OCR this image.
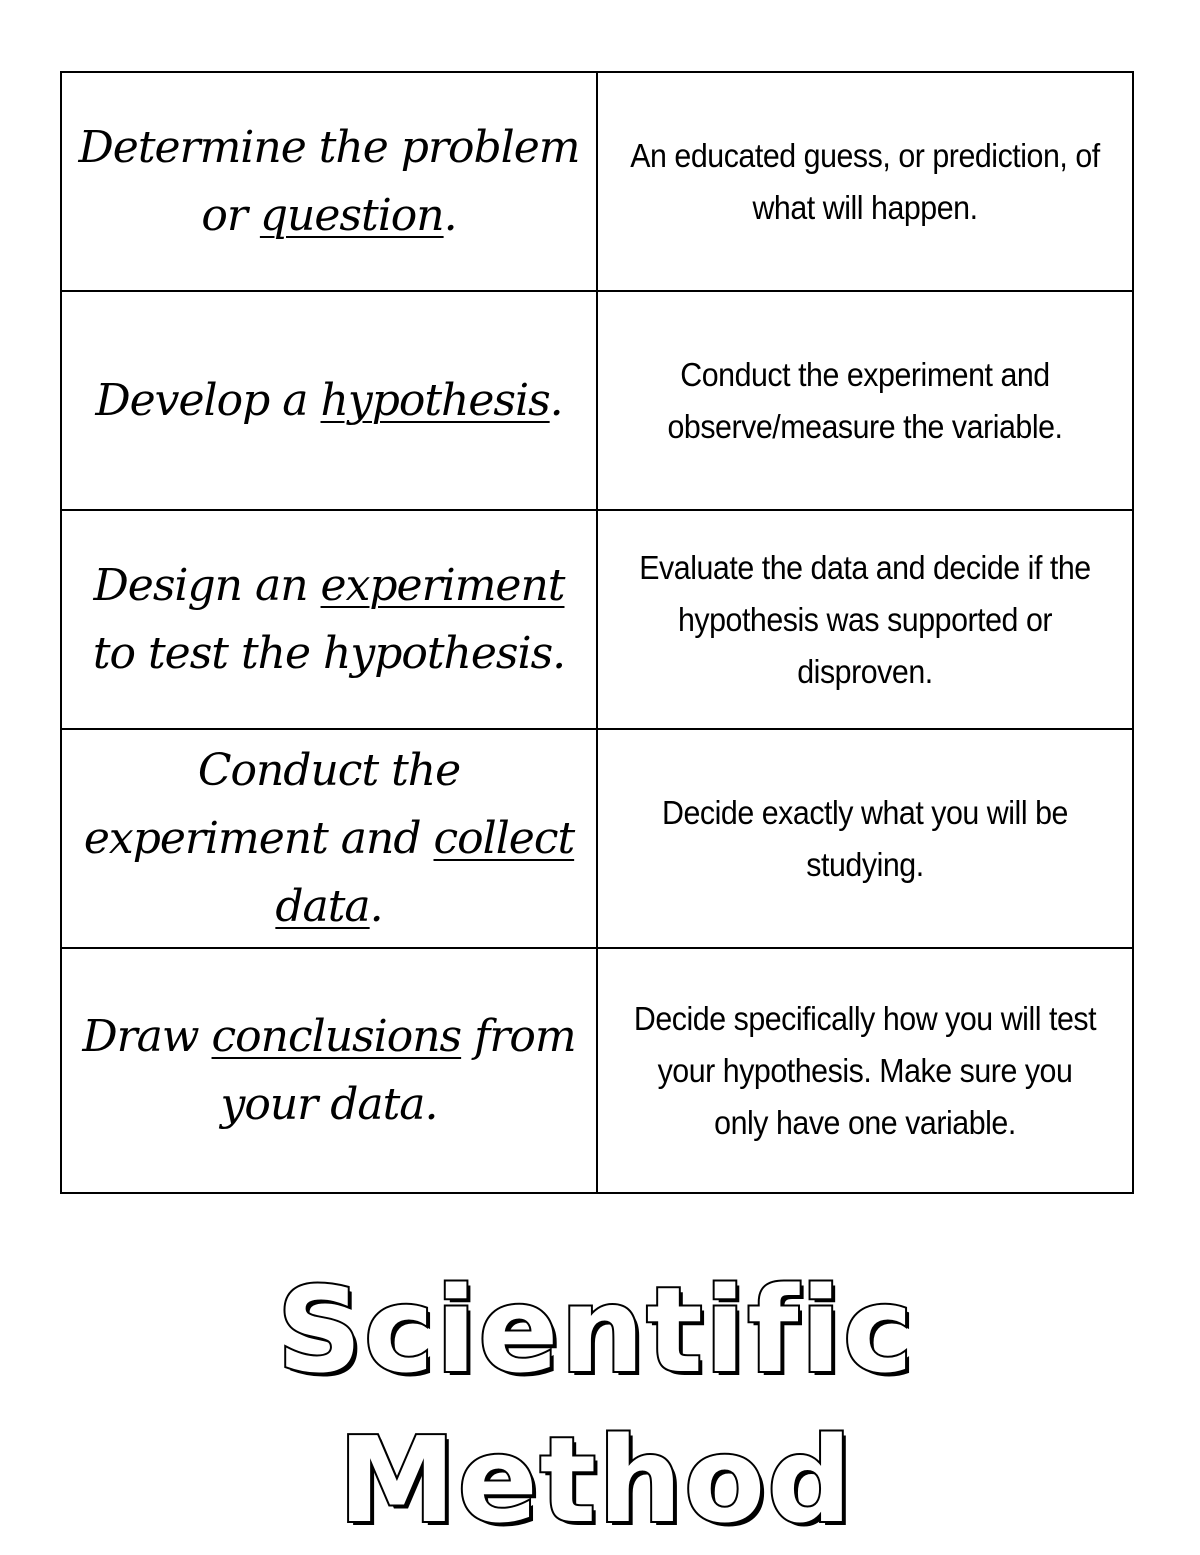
Determine the problem or question.	An educated guess, or prediction, of what will happen.

Develop a hypothesis.	Conduct the experiment and observe/measure the variable.

Design an experiment to test the hypothesis.	Evaluate the data and decide if the hypothesis was supported or disproven.

Conduct the experiment and collect data.	Decide exactly what you will be studying.

Draw conclusions from your data.	Decide specifically how you will test your hypothesis. Make sure you only have one variable.
Scientific Method
